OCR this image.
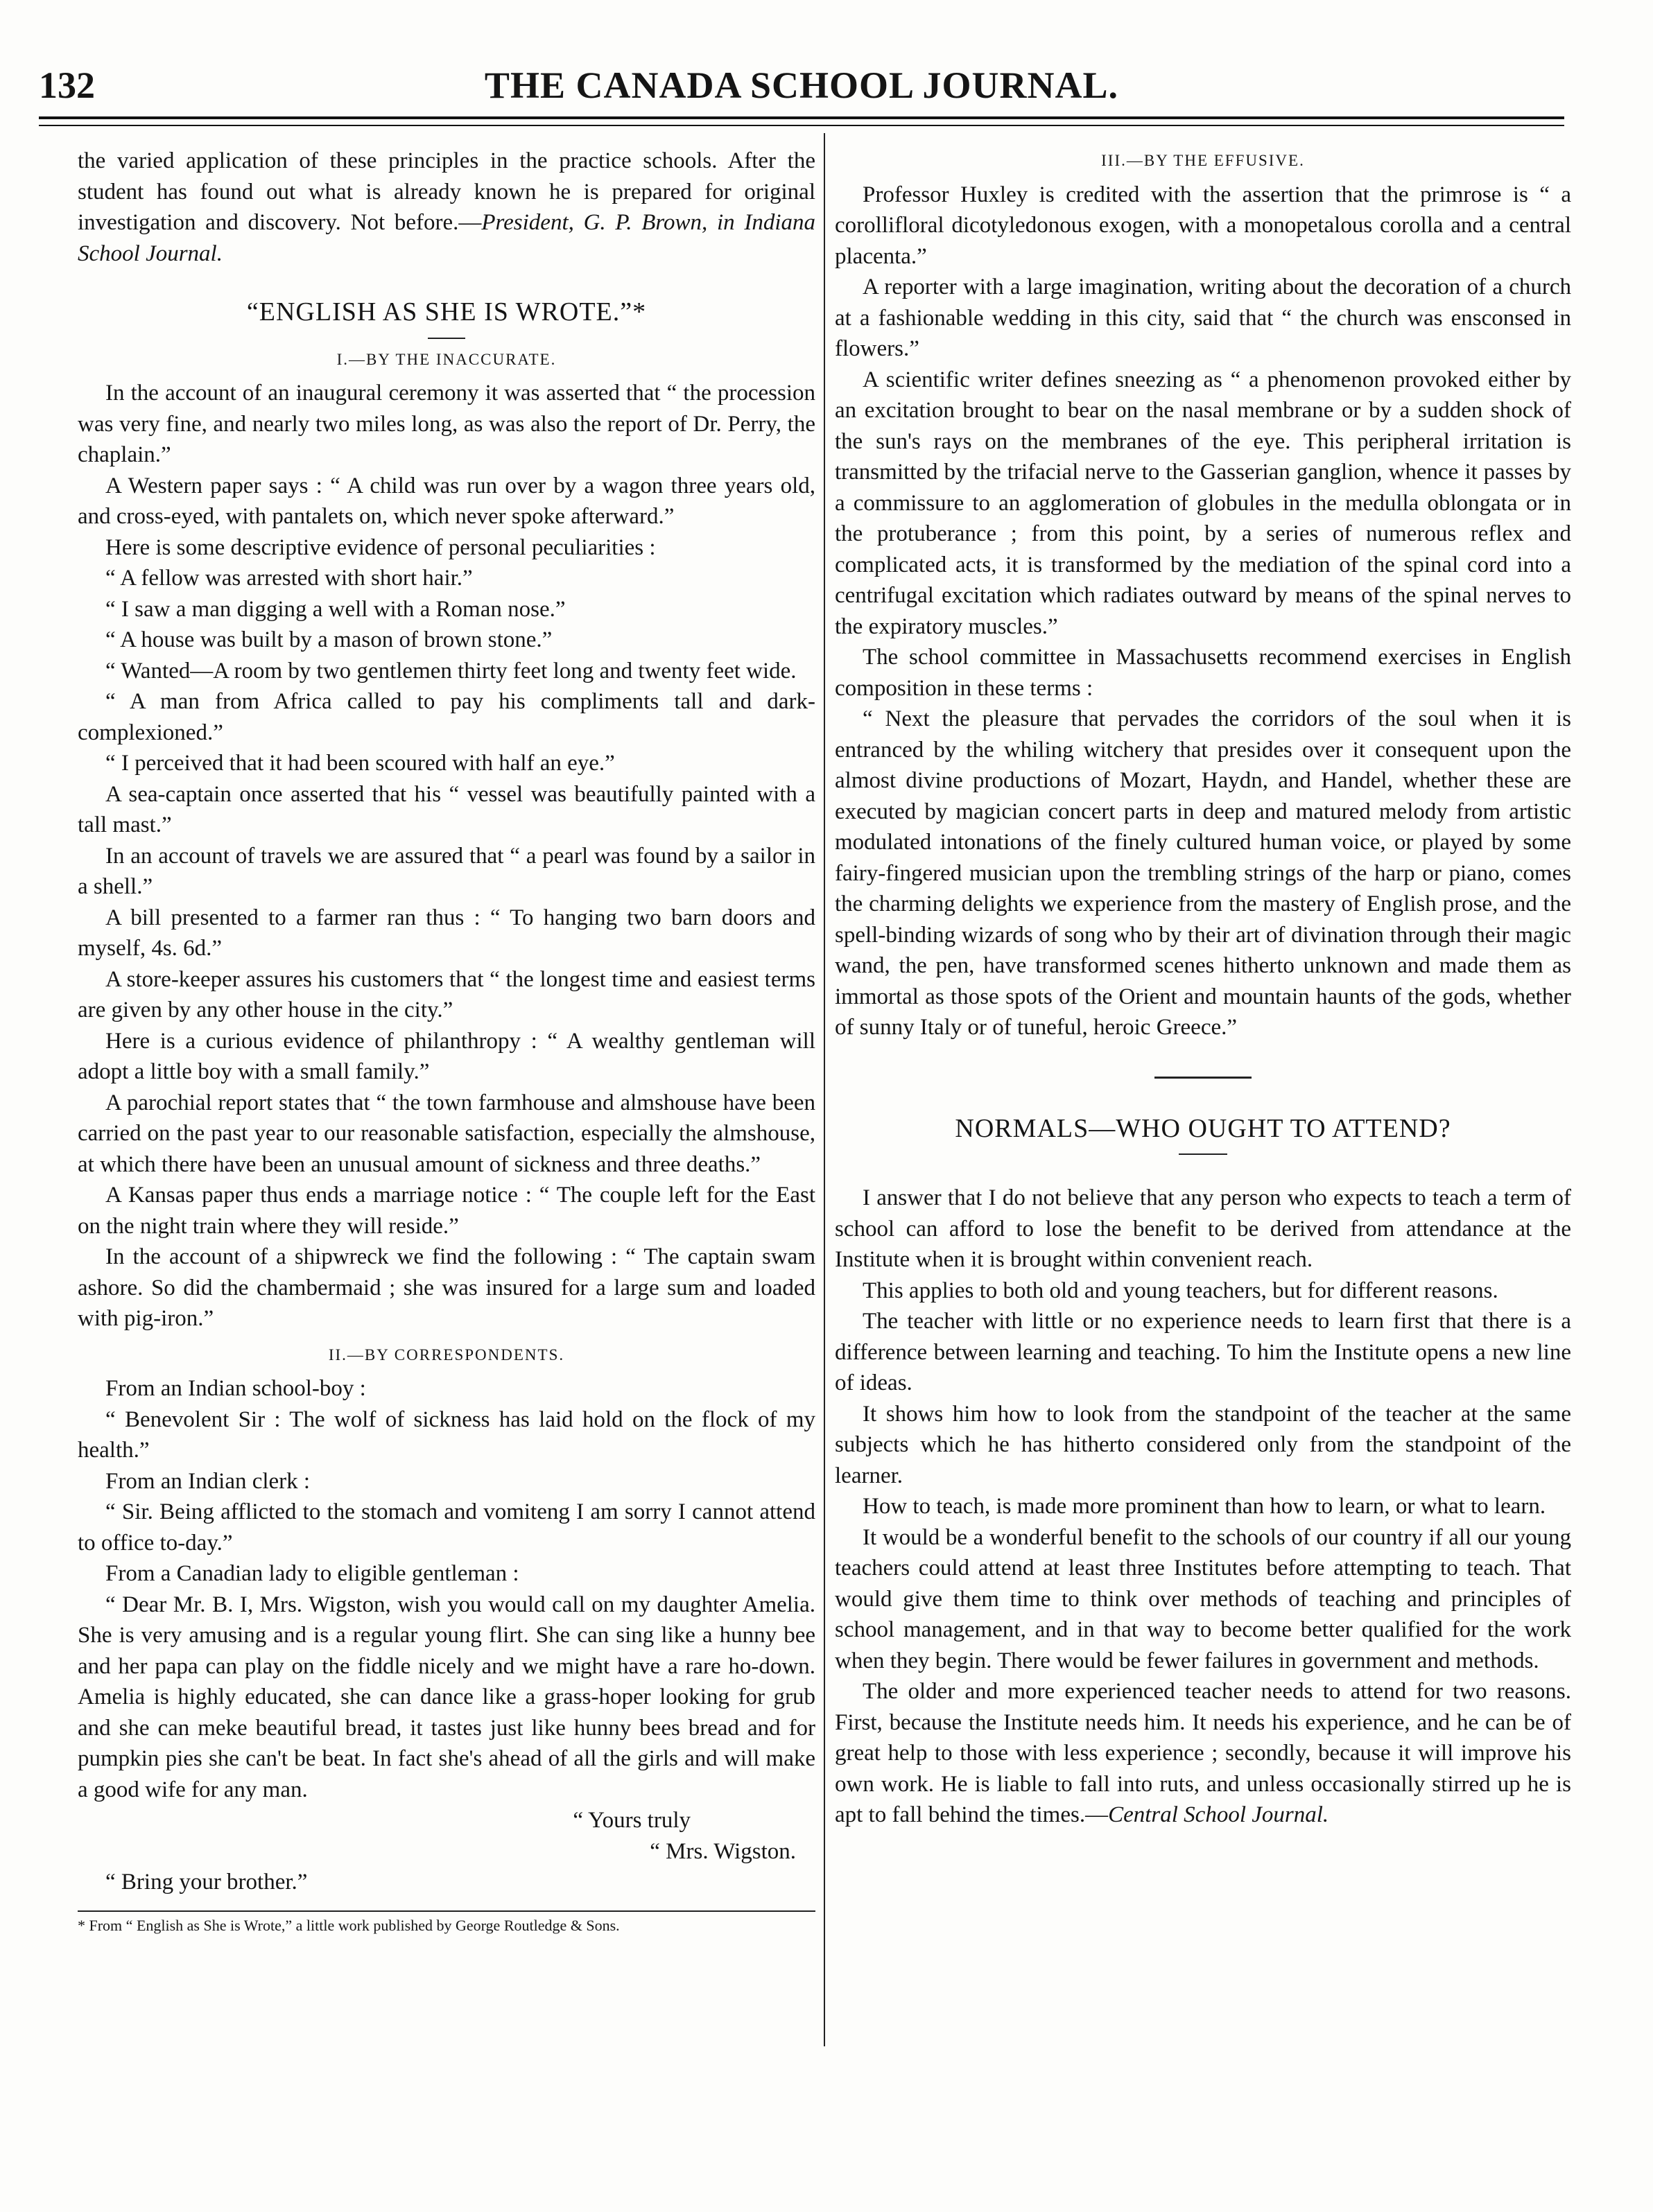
THE CANADA SCHOOL JOURNAL.
132

the varied application of these principles in the practice schools. After the student has found out what is already known he is prepared for original investigation and discovery. Not before.—President, G. P. Brown, in Indiana School Journal.

“ENGLISH AS SHE IS WROTE.”*
I.—BY THE INACCURATE.

In the account of an inaugural ceremony it was asserted that “ the procession was very fine, and nearly two miles long, as was also the report of Dr. Perry, the chaplain.”

A Western paper says : “ A child was run over by a wagon three years old, and cross-eyed, with pantalets on, which never spoke afterward.”

Here is some descriptive evidence of personal peculiarities :

“ A fellow was arrested with short hair.”

“ I saw a man digging a well with a Roman nose.”

“ A house was built by a mason of brown stone.”

“ Wanted—A room by two gentlemen thirty feet long and twenty feet wide.

“ A man from Africa called to pay his compliments tall and dark-complexioned.”

“ I perceived that it had been scoured with half an eye.”

A sea-captain once asserted that his “ vessel was beautifully painted with a tall mast.”

In an account of travels we are assured that “ a pearl was found by a sailor in a shell.”

A bill presented to a farmer ran thus : “ To hanging two barn doors and myself, 4s. 6d.”

A store-keeper assures his customers that “ the longest time and easiest terms are given by any other house in the city.”

Here is a curious evidence of philanthropy : “ A wealthy gentleman will adopt a little boy with a small family.”

A parochial report states that “ the town farmhouse and almshouse have been carried on the past year to our reasonable satisfaction, especially the almshouse, at which there have been an unusual amount of sickness and three deaths.”

A Kansas paper thus ends a marriage notice : “ The couple left for the East on the night train where they will reside.”

In the account of a shipwreck we find the following : “ The captain swam ashore. So did the chambermaid ; she was insured for a large sum and loaded with pig-iron.”

II.—BY CORRESPONDENTS.

From an Indian school-boy :

“ Benevolent Sir : The wolf of sickness has laid hold on the flock of my health.”

From an Indian clerk :

“ Sir. Being afflicted to the stomach and vomiteng I am sorry I cannot attend to office to-day.”

From a Canadian lady to eligible gentleman :

“ Dear Mr. B. I, Mrs. Wigston, wish you would call on my daughter Amelia. She is very amusing and is a regular young flirt. She can sing like a hunny bee and her papa can play on the fiddle nicely and we might have a rare ho-down. Amelia is highly educated, she can dance like a grass-hoper looking for grub and she can meke beautiful bread, it tastes just like hunny bees bread and for pumpkin pies she can't be beat. In fact she's ahead of all the girls and will make a good wife for any man.

“ Yours truly

“ Mrs. Wigston.

“ Bring your brother.”

* From “ English as She is Wrote,” a little work published by George Routledge & Sons.

III.—BY THE EFFUSIVE.

Professor Huxley is credited with the assertion that the primrose is “ a corollifloral dicotyledonous exogen, with a monopetalous corolla and a central placenta.”

A reporter with a large imagination, writing about the decoration of a church at a fashionable wedding in this city, said that “ the church was ensconsed in flowers.”

A scientific writer defines sneezing as “ a phenomenon provoked either by an excitation brought to bear on the nasal membrane or by a sudden shock of the sun's rays on the membranes of the eye. This peripheral irritation is transmitted by the trifacial nerve to the Gasserian ganglion, whence it passes by a commissure to an agglomeration of globules in the medulla oblongata or in the protuberance ; from this point, by a series of numerous reflex and complicated acts, it is transformed by the mediation of the spinal cord into a centrifugal excitation which radiates outward by means of the spinal nerves to the expiratory muscles.”

The school committee in Massachusetts recommend exercises in English composition in these terms :

“ Next the pleasure that pervades the corridors of the soul when it is entranced by the whiling witchery that presides over it consequent upon the almost divine productions of Mozart, Haydn, and Handel, whether these are executed by magician concert parts in deep and matured melody from artistic modulated intonations of the finely cultured human voice, or played by some fairy-fingered musician upon the trembling strings of the harp or piano, comes the charming delights we experience from the mastery of English prose, and the spell-binding wizards of song who by their art of divination through their magic wand, the pen, have transformed scenes hitherto unknown and made them as immortal as those spots of the Orient and mountain haunts of the gods, whether of sunny Italy or of tuneful, heroic Greece.”

NORMALS—WHO OUGHT TO ATTEND?

I answer that I do not believe that any person who expects to teach a term of school can afford to lose the benefit to be derived from attendance at the Institute when it is brought within convenient reach.

This applies to both old and young teachers, but for different reasons.

The teacher with little or no experience needs to learn first that there is a difference between learning and teaching. To him the Institute opens a new line of ideas.

It shows him how to look from the standpoint of the teacher at the same subjects which he has hitherto considered only from the standpoint of the learner.

How to teach, is made more prominent than how to learn, or what to learn.

It would be a wonderful benefit to the schools of our country if all our young teachers could attend at least three Institutes before attempting to teach. That would give them time to think over methods of teaching and principles of school management, and in that way to become better qualified for the work when they begin. There would be fewer failures in government and methods.

The older and more experienced teacher needs to attend for two reasons. First, because the Institute needs him. It needs his experience, and he can be of great help to those with less experience ; secondly, because it will improve his own work. He is liable to fall into ruts, and unless occasionally stirred up he is apt to fall behind the times.—Central School Journal.
